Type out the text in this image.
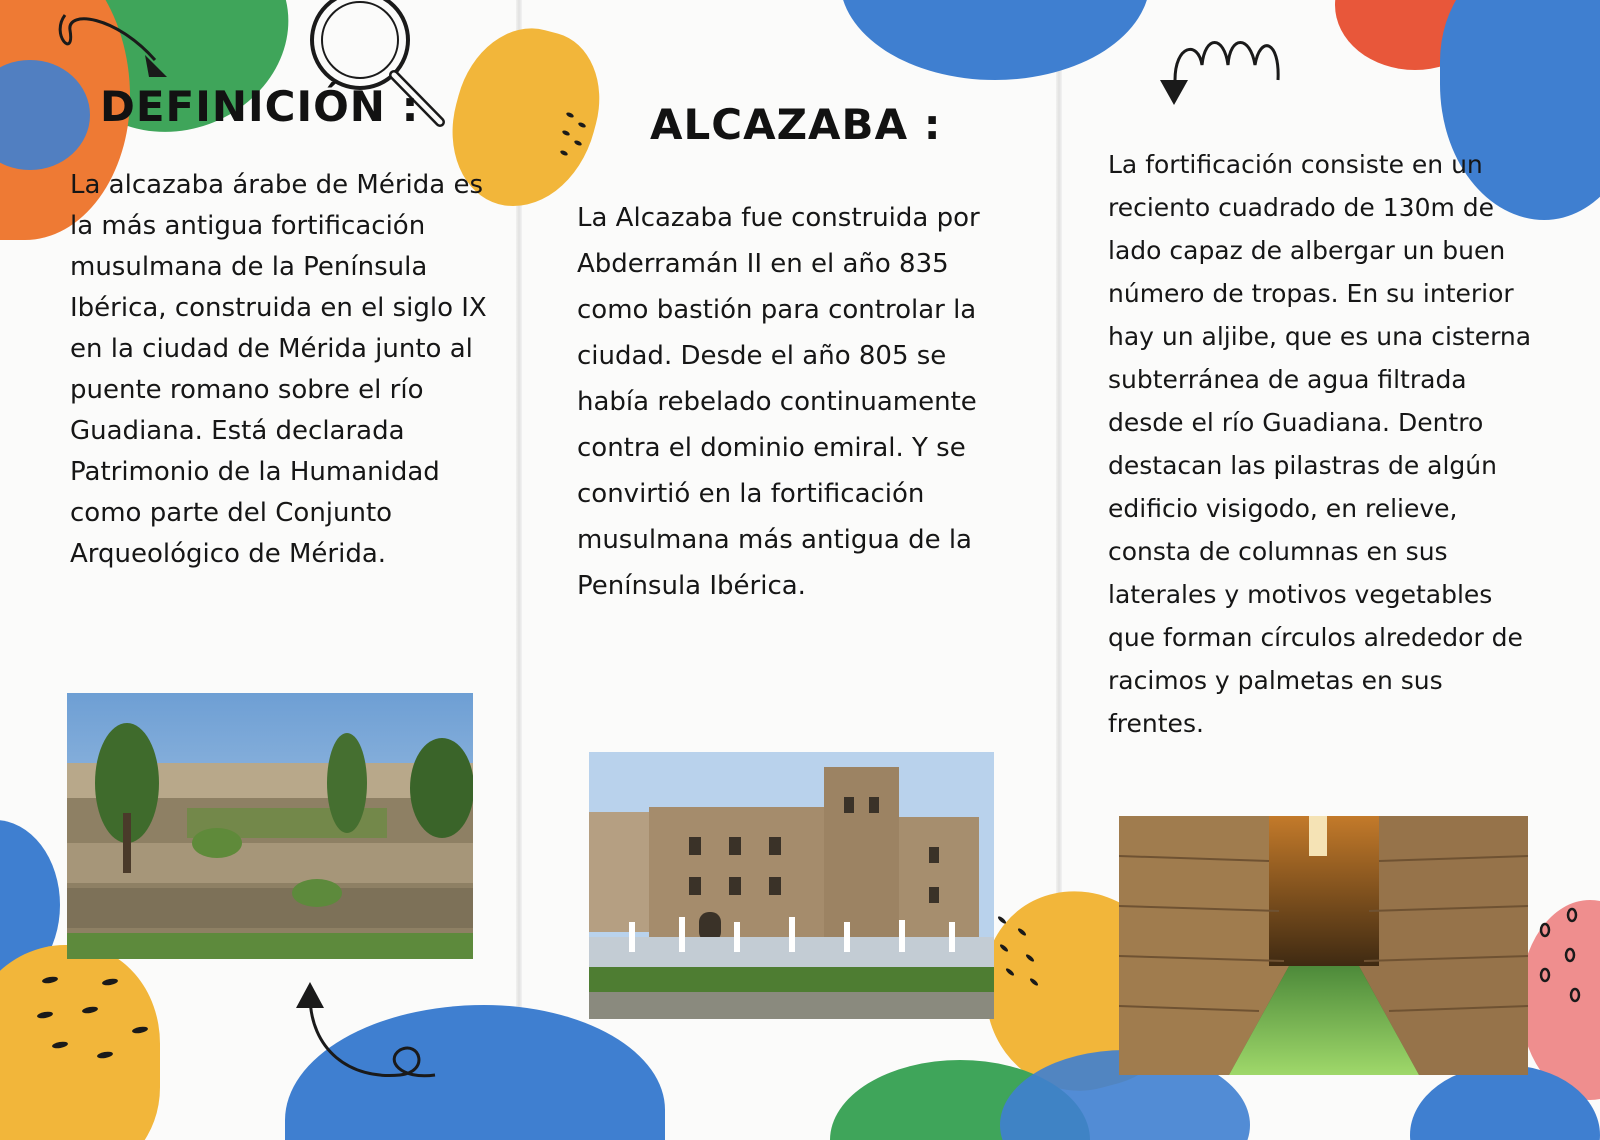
DEFINICIÓN :

La alcazaba árabe de Mérida es la más antigua fortificación musulmana de la Península Ibérica, construida en el siglo IX en la ciudad de Mérida junto al puente romano sobre el río Guadiana. Está declarada Patrimonio de la Humanidad como parte del Conjunto Arqueológico de Mérida.

ALCAZABA :

La Alcazaba fue construida por Abderramán II en el año 835 como bastión para controlar la ciudad. Desde el año 805 se había rebelado continuamente contra el dominio emiral. Y se convirtió en la fortificación musulmana más antigua de la Península Ibérica.

La fortificación consiste en un reciento cuadrado de 130m de lado capaz de albergar un buen número de tropas. En su interior hay un aljibe, que es una cisterna subterránea de agua filtrada desde el río Guadiana. Dentro destacan las pilastras de algún edificio visigodo, en relieve, consta de columnas en sus laterales y motivos vegetables que forman círculos alrededor de racimos y palmetas en sus frentes.
